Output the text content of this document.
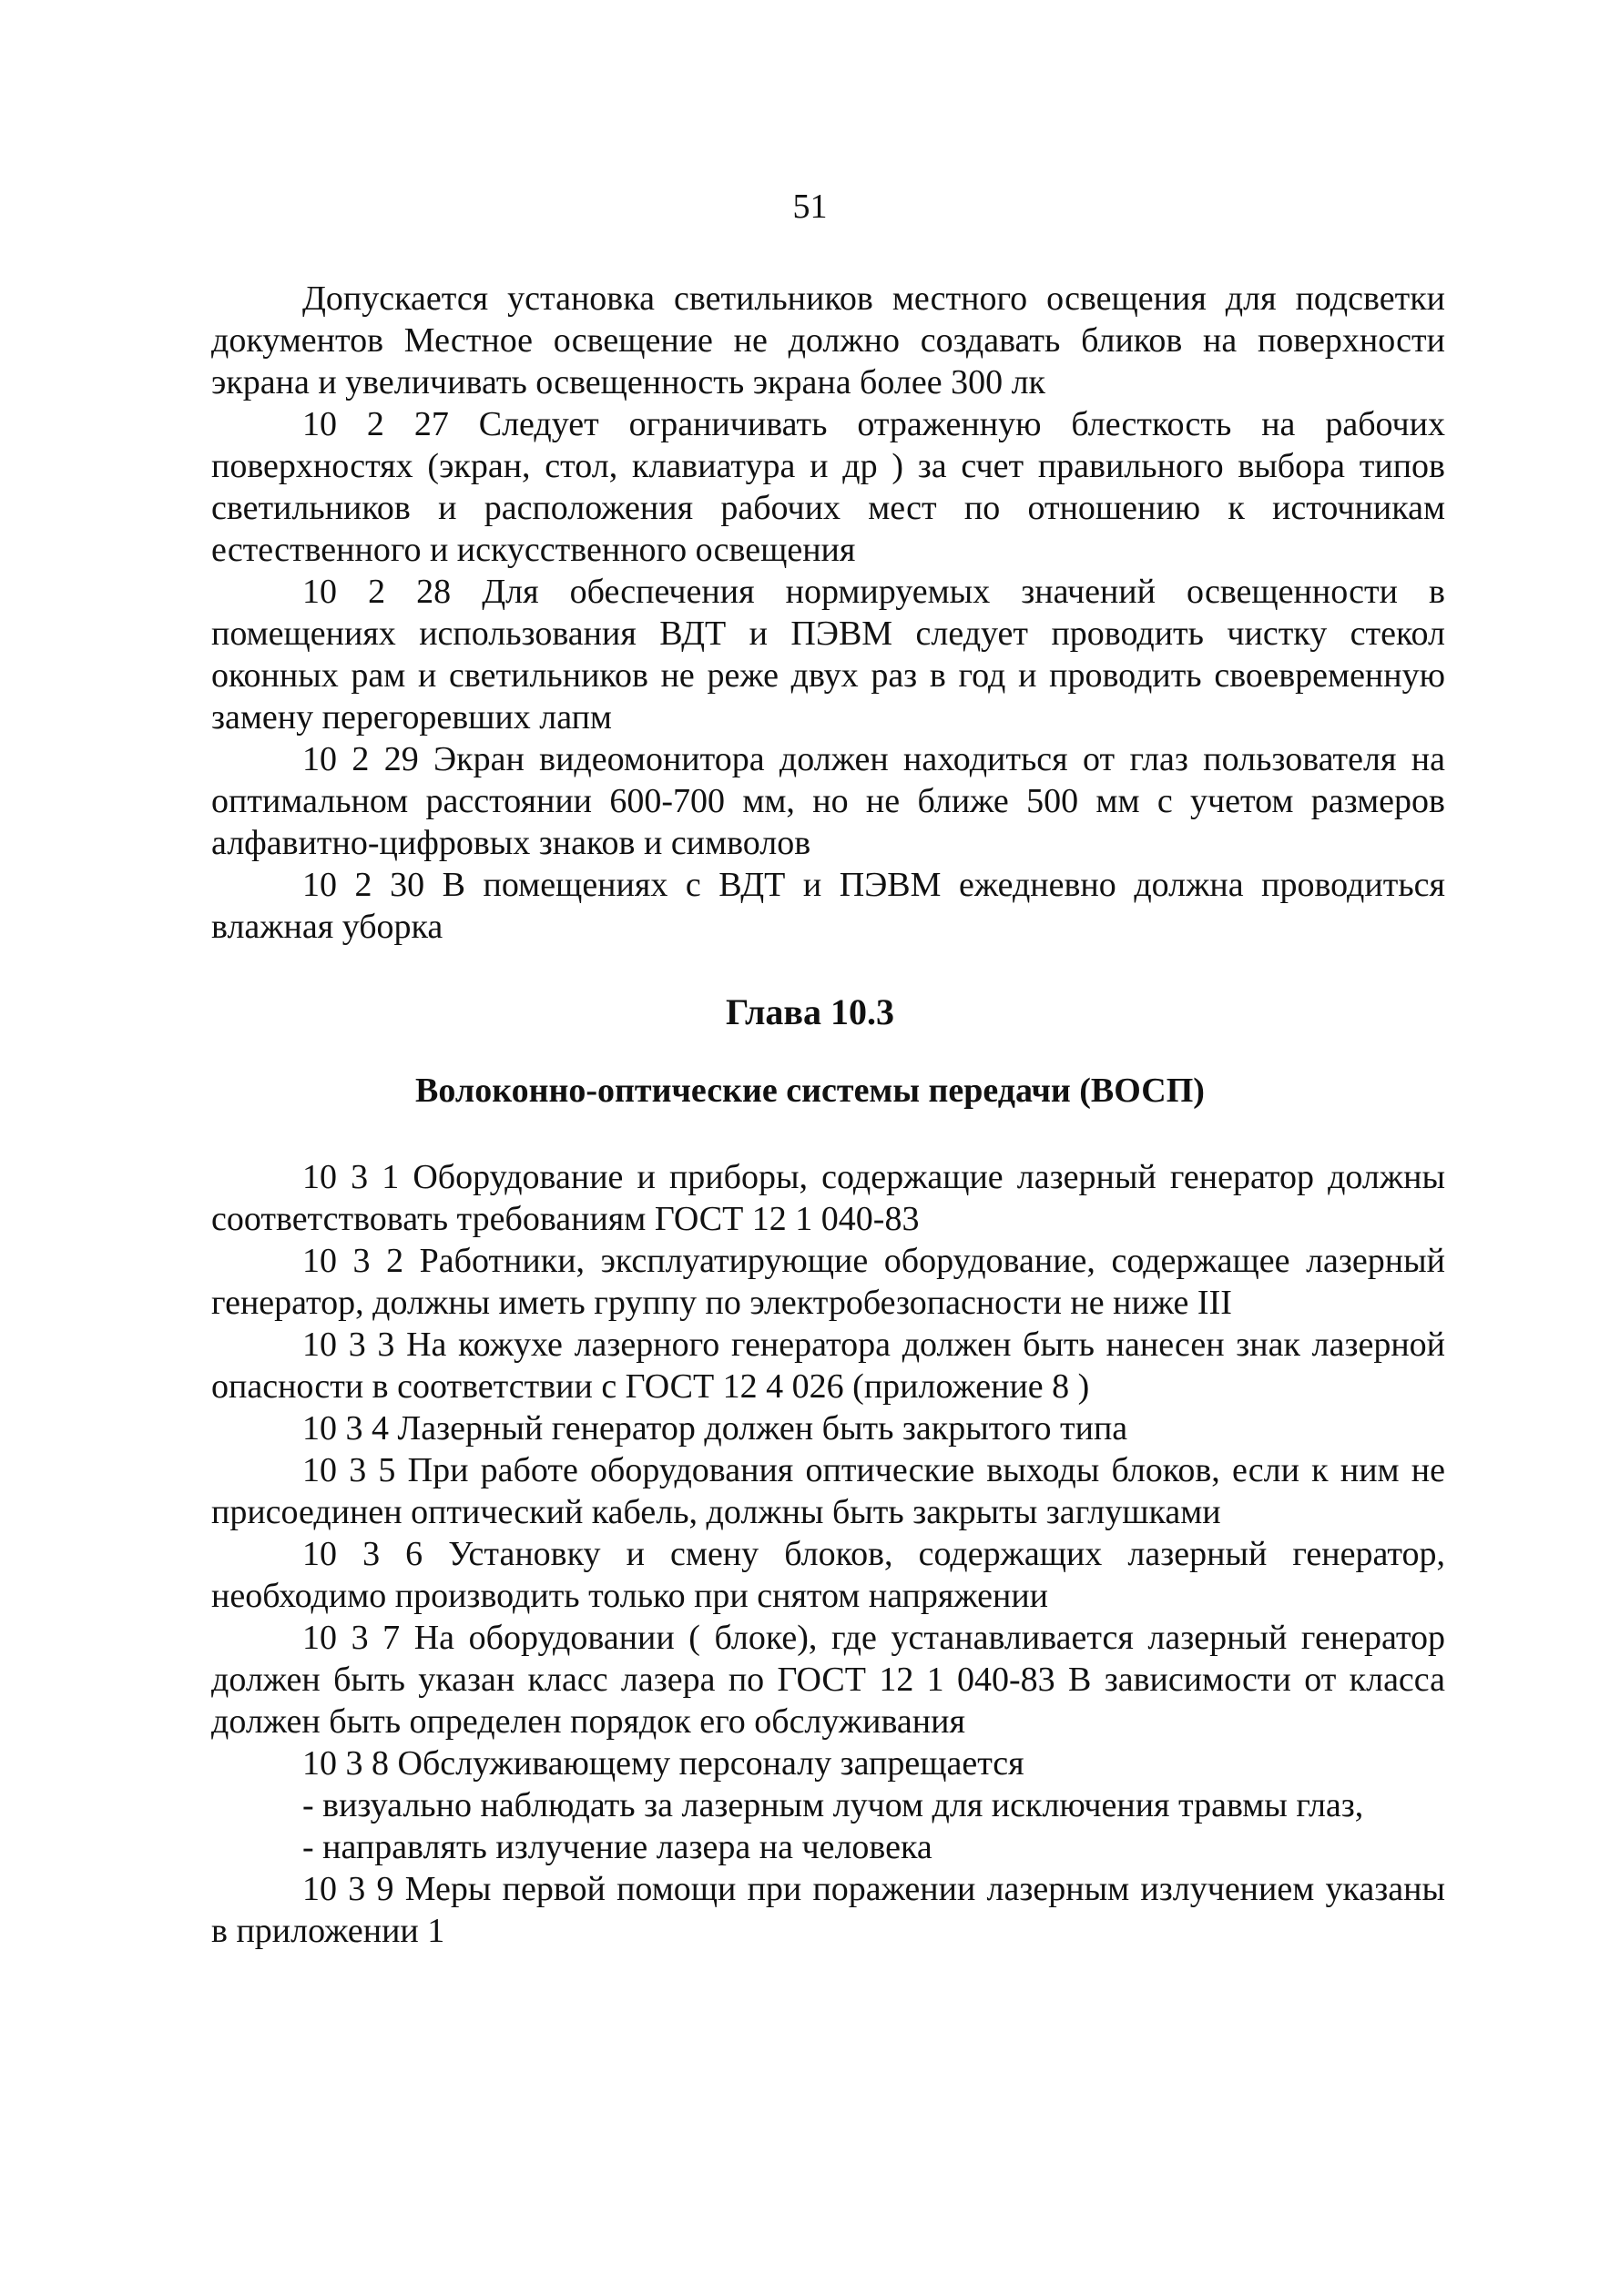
51

Допускается установка светильников местного освещения для подсветки документов Местное освещение не должно создавать бликов на поверхности экрана и увеличивать освещенность экрана более 300 лк

10 2 27 Следует ограничивать отраженную блесткость на рабочих поверхностях (экран, стол, клавиатура и др ) за счет правильного выбора типов светильников и расположения рабочих мест по отношению к источникам естественного и искусственного освещения

10 2 28 Для обеспечения нормируемых значений освещенности в помещениях использования ВДТ и ПЭВМ следует проводить чистку стекол оконных рам и светильников не реже двух раз в год и проводить своевременную замену перегоревших лапм

10 2 29 Экран видеомонитора должен находиться от глаз пользователя на оптимальном расстоянии 600-700 мм, но не ближе 500 мм с учетом размеров алфавитно-цифровых знаков и символов

10 2 30 В помещениях с ВДТ и ПЭВМ ежедневно должна проводиться влажная уборка

Глава 10.3
Волоконно-оптические системы передачи (ВОСП)

10 3 1 Оборудование и приборы, содержащие лазерный генератор должны соответствовать требованиям ГОСТ 12 1 040-83

10 3 2 Работники, эксплуатирующие оборудование, содержащее лазерный генератор, должны иметь группу по электробезопасности не ниже III

10 3 3 На кожухе лазерного генератора должен быть нанесен знак лазерной опасности в соответствии с ГОСТ 12 4 026 (приложение 8 )

10 3 4 Лазерный генератор должен быть закрытого типа

10 3 5 При работе оборудования оптические выходы блоков, если к ним не присоединен оптический кабель, должны быть закрыты заглушками

10 3 6 Установку и смену блоков, содержащих лазерный генератор, необходимо производить только при снятом напряжении

10 3 7 На оборудовании ( блоке), где устанавливается лазерный генератор должен быть указан класс лазера по ГОСТ 12 1 040-83 В зависимости от класса должен быть определен порядок его обслуживания

10 3 8 Обслуживающему персоналу запрещается

- визуально наблюдать за лазерным лучом для исключения травмы глаз,

- направлять излучение лазера на человека

10 3 9 Меры первой помощи при поражении лазерным излучением указаны в приложении 1
